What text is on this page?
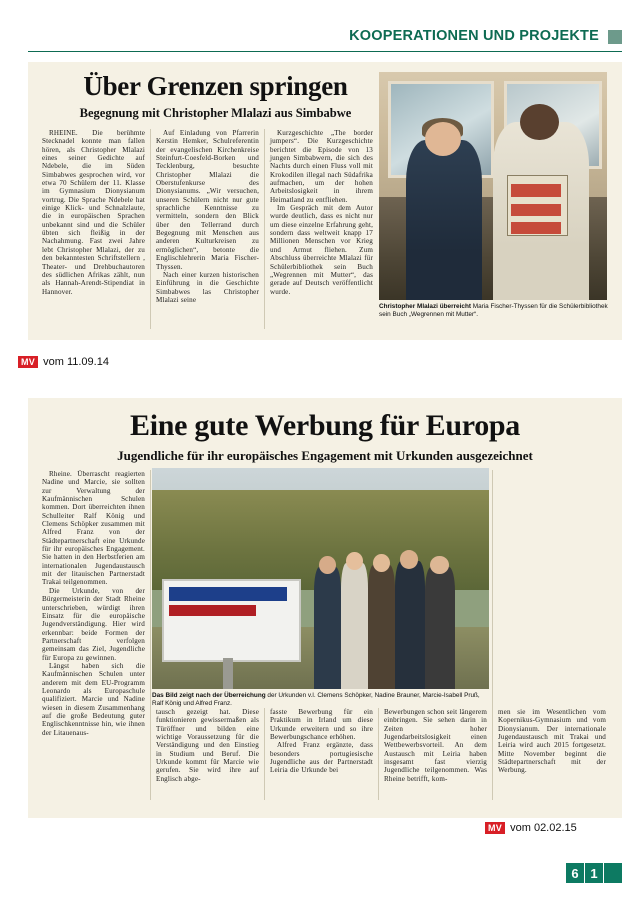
KOOPERATIONEN UND PROJEKTE
Über Grenzen springen
Begegnung mit Christopher Mlalazi aus Simbabwe

RHEINE. Die berühmte Stecknadel konnte man fallen hören, als Christopher Mlalazi eines seiner Gedichte auf Ndebele, die im Süden Simbabwes gesprochen wird, vor etwa 70 Schülern der 11. Klasse im Gymnasium Dionysianum vortrug. Die Sprache Ndebele hat einige Klick- und Schnalzlaute, die in europäischen Sprachen unbekannt sind und die Schüler übten sich fleißig in der Nachahmung. Fast zwei Jahre lebt Christopher Mlalazi, der zu den bekanntesten Schriftstellern , Theater- und Drehbuchautoren des südlichen Afrikas zählt, nun als Hannah-Arendt-Stipendiat in Hannover.

Auf Einladung von Pfarrerin Kerstin Hemker, Schulreferentin der evangelischen Kirchenkreise Steinfurt-Coesfeld-Borken und Tecklenburg, besuchte Christopher Mlalazi die Oberstufenkurse des Dionysianums. „Wir versuchen, unseren Schülern nicht nur gute sprachliche Kenntnisse zu vermitteln, sondern den Blick über den Tellerrand durch Begegnung mit Menschen aus anderen Kulturkreisen zu ermöglichen“, betonte die Englischlehrerin Maria Fischer-Thyssen.

Nach einer kurzen historischen Einführung in die Geschichte Simbabwes las Christopher Mlalazi seine

Kurzgeschichte „The border jumpers“. Die Kurzgeschichte berichtet die Episode von 13 jungen Simbabwern, die sich des Nachts durch einen Fluss voll mit Krokodilen illegal nach Südafrika aufmachen, um der hohen Arbeitslosigkeit in ihrem Heimatland zu entfliehen.

Im Gespräch mit dem Autor wurde deutlich, dass es nicht nur um diese einzelne Erfahrung geht, sondern dass weltweit knapp 17 Millionen Menschen vor Krieg und Armut fliehen. Zum Abschluss überreichte Mlalazi für Schülerbibliothek sein Buch „Wegrennen mit Mutter“, das gerade auf Deutsch veröffentlicht wurde.

Christopher Mlalazi überreicht Maria Fischer-Thyssen für die Schülerbibliothek sein Buch „Wegrennen mit Mutter“.
MV vom 11.09.14
Eine gute Werbung für Europa
Jugendliche für ihr europäisches Engagement mit Urkunden ausgezeichnet

Rheine. Überrascht reagierten Nadine und Marcie, sie sollten zur Verwaltung der Kaufmännischen Schulen kommen. Dort überreichten ihnen Schulleiter Ralf König und Clemens Schöpker zusammen mit Alfred Franz von der Städtepartnerschaft eine Urkunde für ihr europäisches Engagement. Sie hatten in den Herbstferien am internationalen Jugendaustausch mit der litauischen Partnerstadt Trakai teilgenommen.

Die Urkunde, von der Bürgermeisterin der Stadt Rheine unterschrieben, würdigt ihren Einsatz für die europäische Jugendverständigung. Hier wird erkennbar: beide Formen der Partnerschaft verfolgen gemeinsam das Ziel, Jugendliche für Europa zu gewinnen.

Längst haben sich die Kaufmännischen Schulen unter anderem mit dem EU-Programm Leonardo als Europaschule qualifiziert. Marcie und Nadine wiesen in diesem Zusammenhang auf die große Bedeutung guter Englischkenntnisse hin, wie ihnen der Litauenaus-

Das Bild zeigt nach der Überreichung der Urkunden v.l. Clemens Schöpker, Nadine Brauner, Marcie-Isabell Pruß, Ralf König und Alfred Franz.

tausch gezeigt hat. Diese funktionieren gewissermaßen als Türöffner und bilden eine wichtige Voraussetzung für die Verständigung und den Einstieg in Studium und Beruf. Die Urkunde kommt für Marcie wie gerufen. Sie wird ihre auf Englisch abge-

fasste Bewerbung für ein Praktikum in Irland um diese Urkunde erweitern und so ihre Bewerbungschance erhöhen.

Alfred Franz ergänzte, dass besonders portugiesische Jugendliche aus der Partnerstadt Leiria die Urkunde bei

Bewerbungen schon seit längerem einbringen. Sie sehen darin in Zeiten hoher Jugendarbeitslosigkeit einen Wettbewerbsvorteil. An dem Austausch mit Leiria haben insgesamt fast vierzig Jugendliche teilgenommen. Was Rheine betrifft, kom-

men sie im Wesentlichen vom Kopernikus-Gymnasium und vom Dionysianum. Der internationale Jugendaustausch mit Trakai und Leiria wird auch 2015 fortgesetzt. Mitte November beginnt die Städtepartnerschaft mit der Werbung.

MV vom 02.02.15
6 1
